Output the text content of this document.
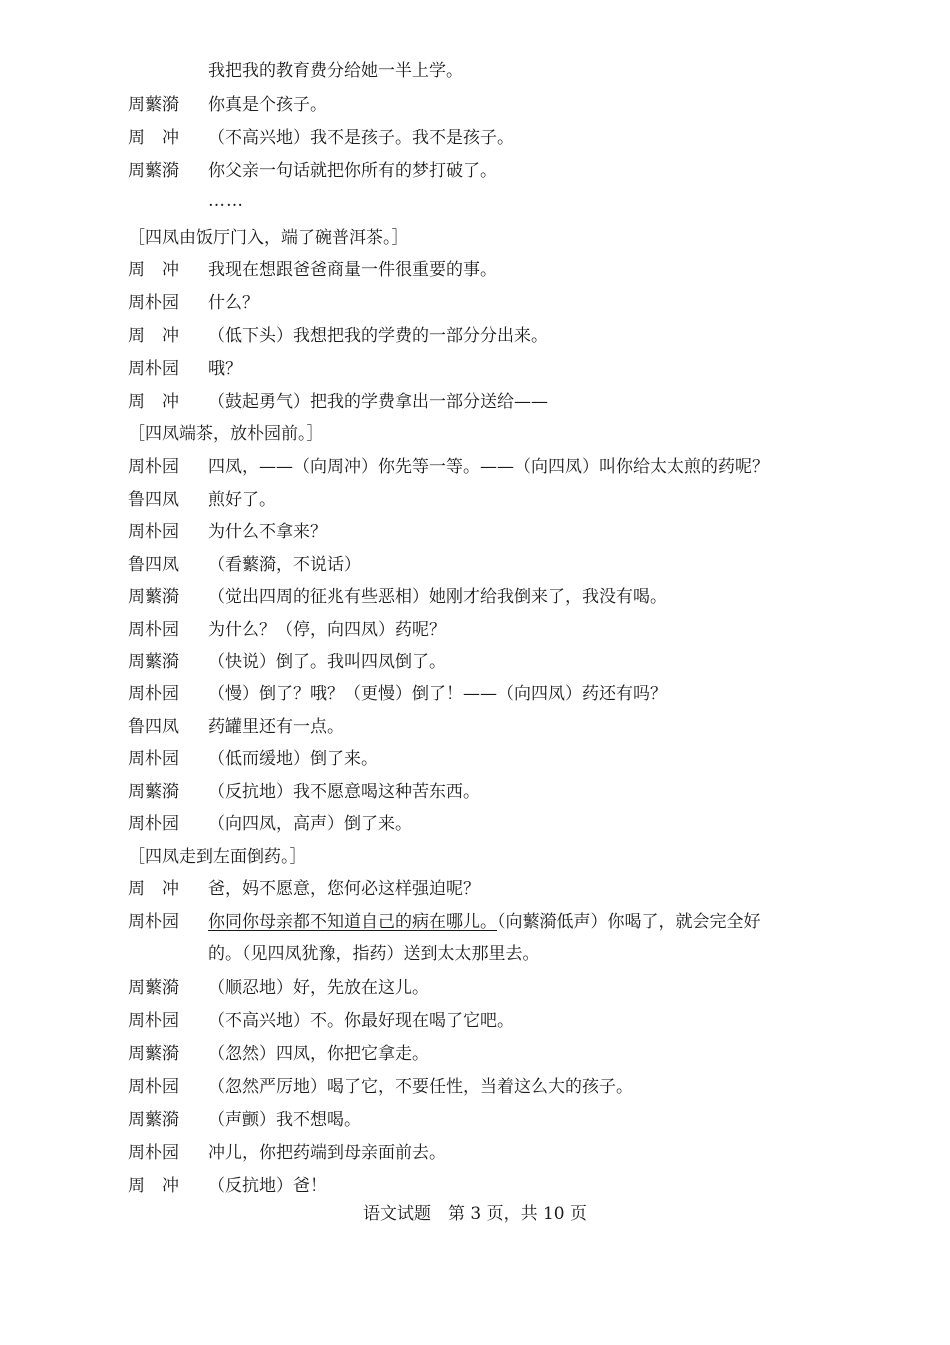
我把我的教育费分给她一半上学。
周蘩漪	你真是个孩子。
周　冲	（不高兴地）我不是孩子。我不是孩子。
周蘩漪	你父亲一句话就把你所有的梦打破了。
……
［四凤由饭厅门入，端了碗普洱茶。］
周　冲	我现在想跟爸爸商量一件很重要的事。
周朴园	什么？
周　冲	（低下头）我想把我的学费的一部分分出来。
周朴园	哦？
周　冲	（鼓起勇气）把我的学费拿出一部分送给——
［四凤端茶，放朴园前。］
周朴园	四凤，——（向周冲）你先等一等。——（向四凤）叫你给太太煎的药呢？
鲁四凤	煎好了。
周朴园	为什么不拿来？
鲁四凤	（看蘩漪，不说话）
周蘩漪	（觉出四周的征兆有些恶相）她刚才给我倒来了，我没有喝。
周朴园	为什么？（停，向四凤）药呢？
周蘩漪	（快说）倒了。我叫四凤倒了。
周朴园	（慢）倒了？哦？（更慢）倒了！——（向四凤）药还有吗？
鲁四凤	药罐里还有一点。
周朴园	（低而缓地）倒了来。
周蘩漪	（反抗地）我不愿意喝这种苦东西。
周朴园	（向四凤，高声）倒了来。
［四凤走到左面倒药。］
周　冲	爸，妈不愿意，您何必这样强迫呢？
周朴园	你同你母亲都不知道自己的病在哪儿。（向蘩漪低声）你喝了，就会完全好
的。（见四凤犹豫，指药）送到太太那里去。
周蘩漪	（顺忍地）好，先放在这儿。
周朴园	（不高兴地）不。你最好现在喝了它吧。
周蘩漪	（忽然）四凤，你把它拿走。
周朴园	（忽然严厉地）喝了它，不要任性，当着这么大的孩子。
周蘩漪	（声颤）我不想喝。
周朴园	冲儿，你把药端到母亲面前去。
周　冲	（反抗地）爸！
语文试题　第 3 页，共 10 页
